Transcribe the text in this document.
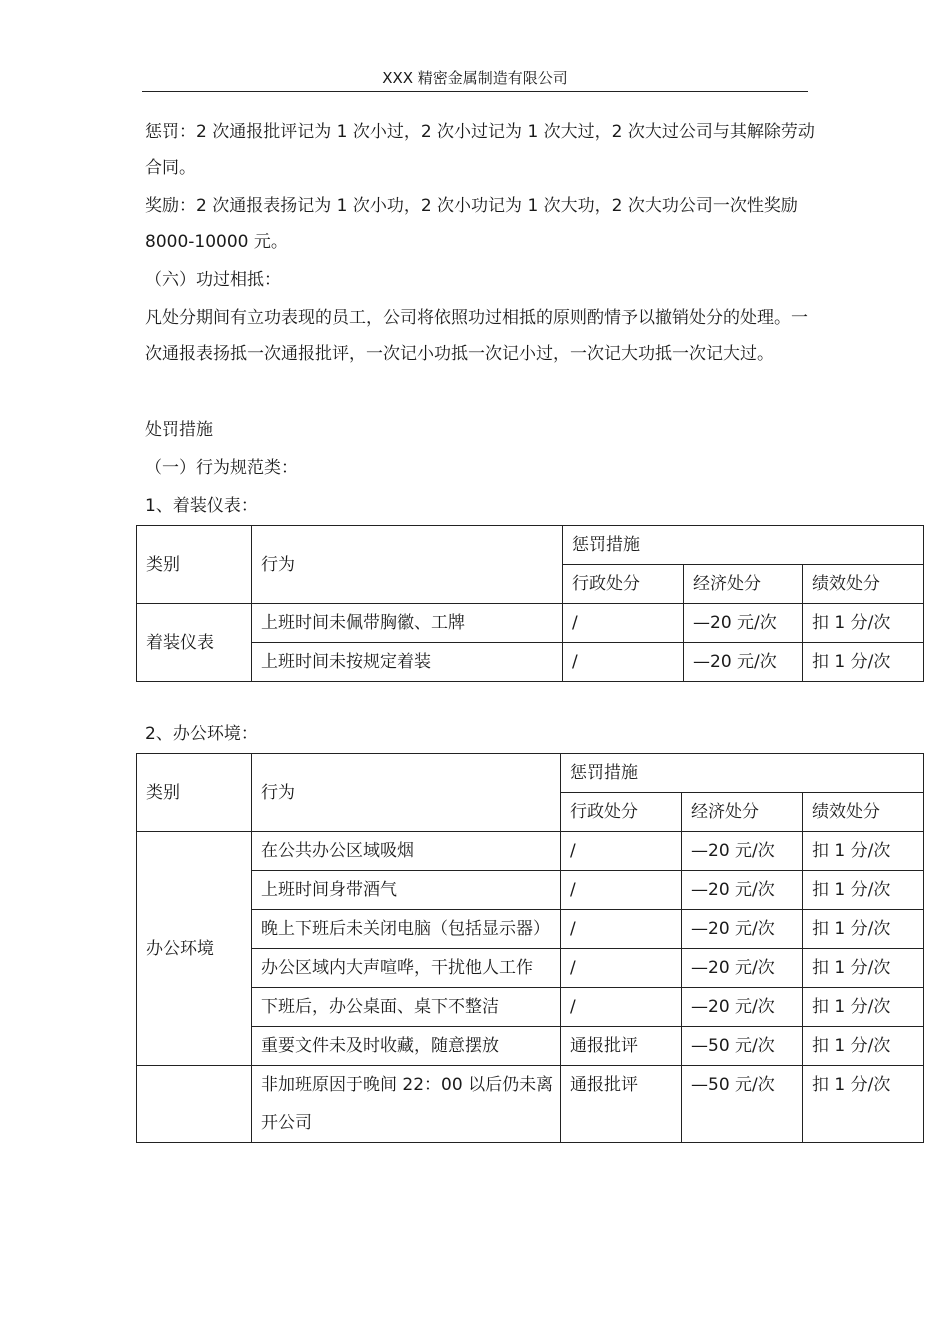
XXX 精密金属制造有限公司

惩罚：2 次通报批评记为 1 次小过，2 次小过记为 1 次大过，2 次大过公司与其解除劳动合同。

奖励：2 次通报表扬记为 1 次小功，2 次小功记为 1 次大功，2 次大功公司一次性奖励 8000-10000 元。

（六）功过相抵：

凡处分期间有立功表现的员工，公司将依照功过相抵的原则酌情予以撤销处分的处理。一次通报表扬抵一次通报批评，一次记小功抵一次记小过，一次记大功抵一次记大过。

处罚措施

（一）行为规范类：

1、着装仪表：

类别	行为	惩罚措施		
		行政处分	经济处分	绩效处分
着装仪表	上班时间未佩带胸徽、工牌	/	—20 元/次	扣 1 分/次
	上班时间未按规定着装	/	—20 元/次	扣 1 分/次

2、办公环境：

类别	行为	惩罚措施		
		行政处分	经济处分	绩效处分
办公环境	在公共办公区域吸烟	/	—20 元/次	扣 1 分/次
	上班时间身带酒气	/	—20 元/次	扣 1 分/次
	晚上下班后未关闭电脑（包括显示器）	/	—20 元/次	扣 1 分/次
	办公区域内大声喧哗，干扰他人工作	/	—20 元/次	扣 1 分/次
	下班后，办公桌面、桌下不整洁	/	—20 元/次	扣 1 分/次
	重要文件未及时收藏，随意摆放	通报批评	—50 元/次	扣 1 分/次
	非加班原因于晚间 22：00 以后仍未离开公司	通报批评	—50 元/次	扣 1 分/次
